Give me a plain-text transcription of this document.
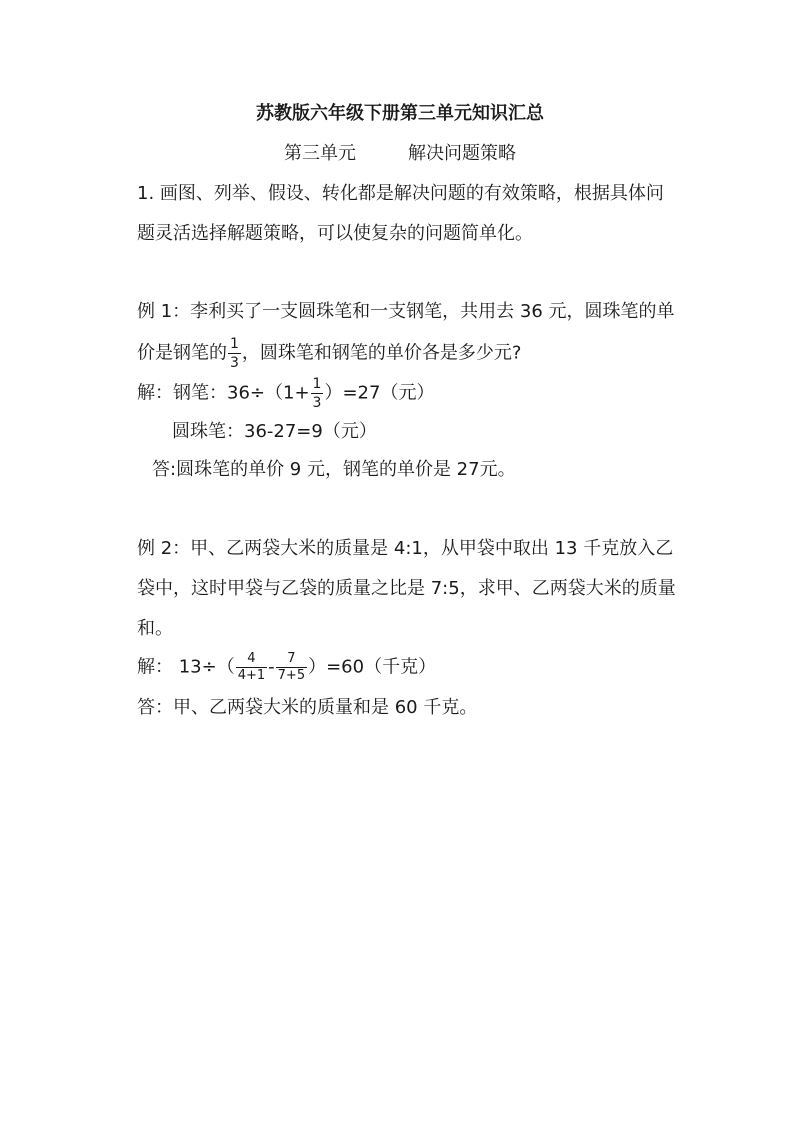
苏教版六年级下册第三单元知识汇总
第三单元	解决问题策略
1. 画图、列举、假设、转化都是解决问题的有效策略，根据具体问
题灵活选择解题策略，可以使复杂的问题简单化。
例 1：李利买了一支圆珠笔和一支钢笔，共用去 36 元，圆珠笔的单
价是钢笔的 $\frac{1}{3}$ ，圆珠笔和钢笔的单价各是多少元?
解：钢笔：$36\div(1+ \frac{1}{3} )=27$（元）
圆珠笔：36-27=9（元）
答:圆珠笔的单价 9 元，钢笔的单价是 27元。
例 2：甲、乙两袋大米的质量是 4:1，从甲袋中取出 13 千克放入乙
袋中，这时甲袋与乙袋的质量之比是 7:5，求甲、乙两袋大米的质量
和。
解： $13\div( \frac{4}{4+1} - \frac{7}{7+5} )=60$（千克）
答：甲、乙两袋大米的质量和是 60 千克。
